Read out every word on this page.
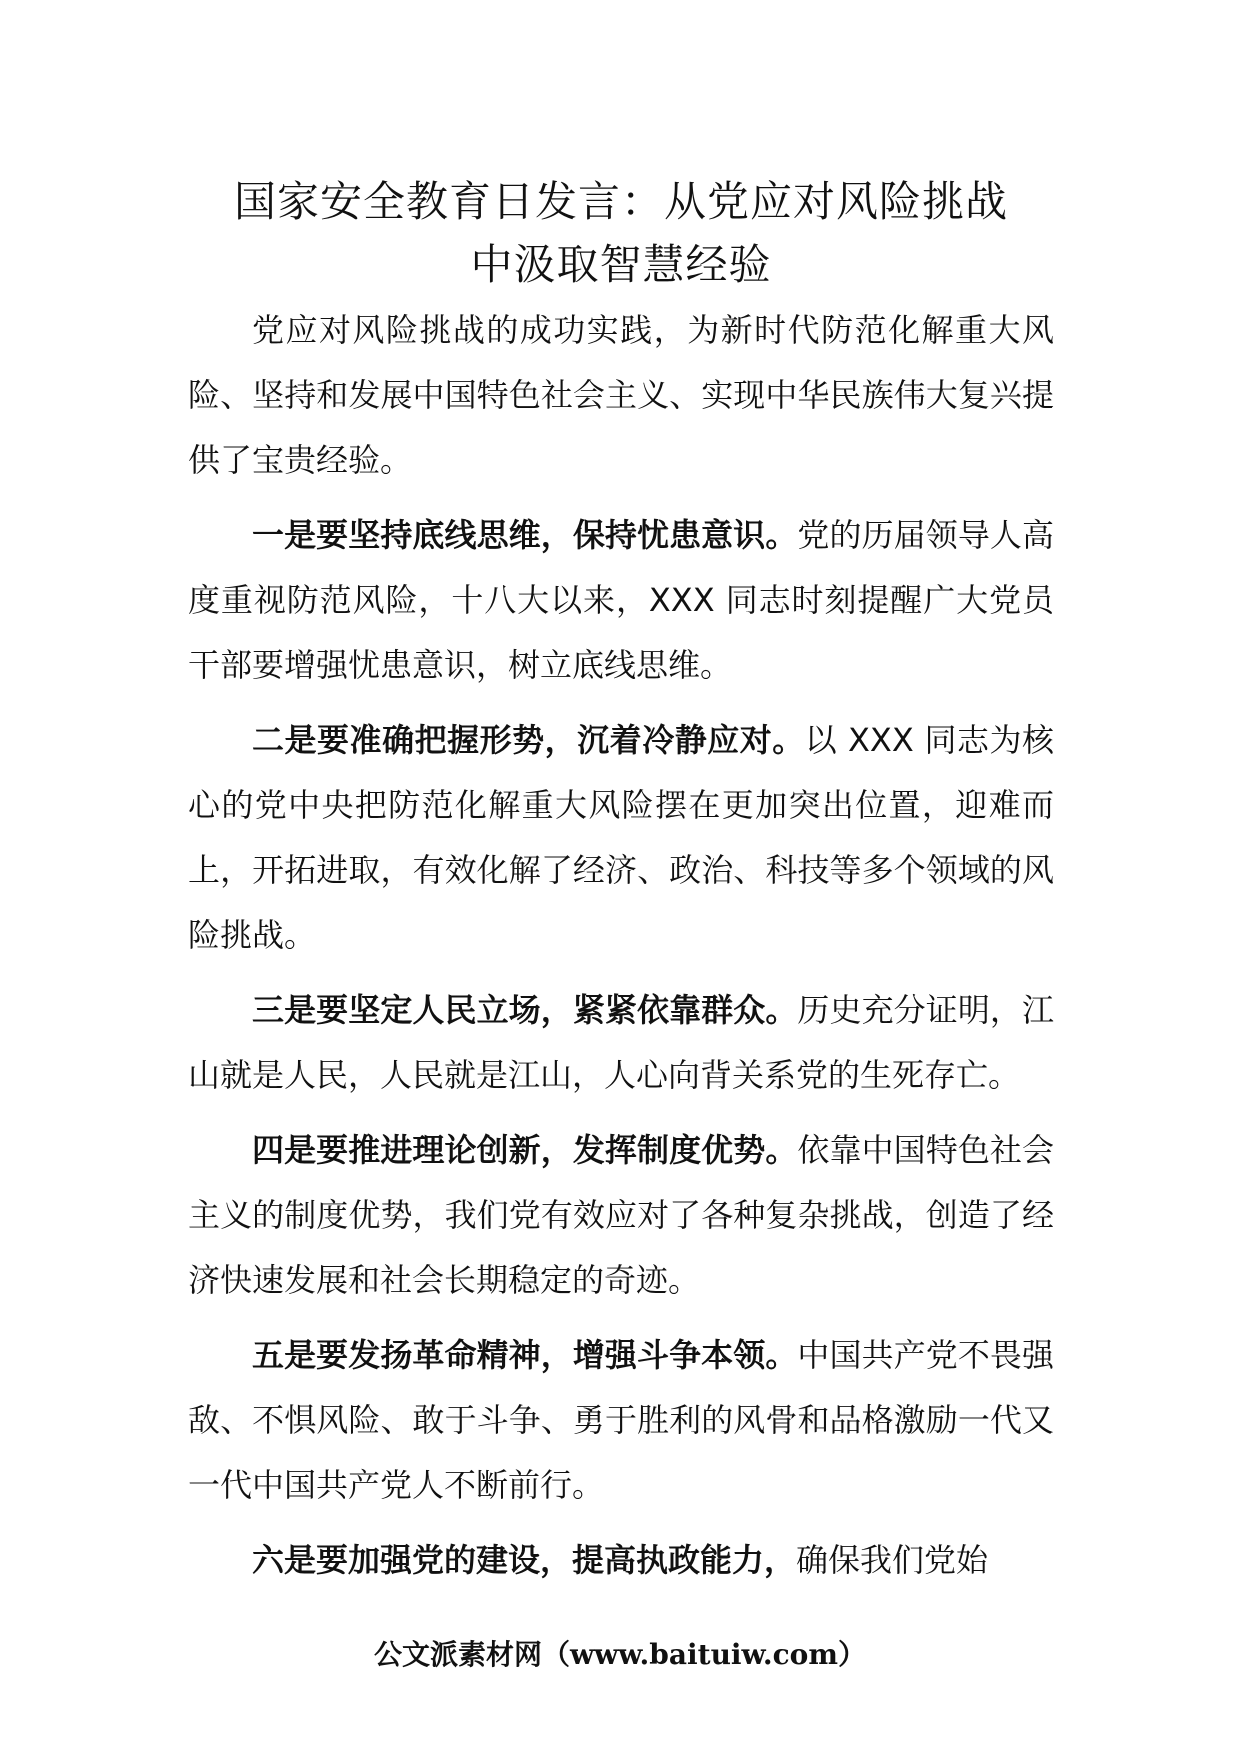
国家安全教育日发言：从党应对风险挑战
中汲取智慧经验

党应对风险挑战的成功实践，为新时代防范化解重大风险、坚持和发展中国特色社会主义、实现中华民族伟大复兴提供了宝贵经验。

一是要坚持底线思维，保持忧患意识。党的历届领导人高度重视防范风险，十八大以来，XXX 同志时刻提醒广大党员干部要增强忧患意识，树立底线思维。

二是要准确把握形势，沉着冷静应对。以 XXX 同志为核心的党中央把防范化解重大风险摆在更加突出位置，迎难而上，开拓进取，有效化解了经济、政治、科技等多个领域的风险挑战。

三是要坚定人民立场，紧紧依靠群众。历史充分证明，江山就是人民，人民就是江山，人心向背关系党的生死存亡。

四是要推进理论创新，发挥制度优势。依靠中国特色社会主义的制度优势，我们党有效应对了各种复杂挑战，创造了经济快速发展和社会长期稳定的奇迹。

五是要发扬革命精神，增强斗争本领。中国共产党不畏强敌、不惧风险、敢于斗争、勇于胜利的风骨和品格激励一代又一代中国共产党人不断前行。

六是要加强党的建设，提高执政能力，确保我们党始

公文派素材网（www.baituiw.com）
